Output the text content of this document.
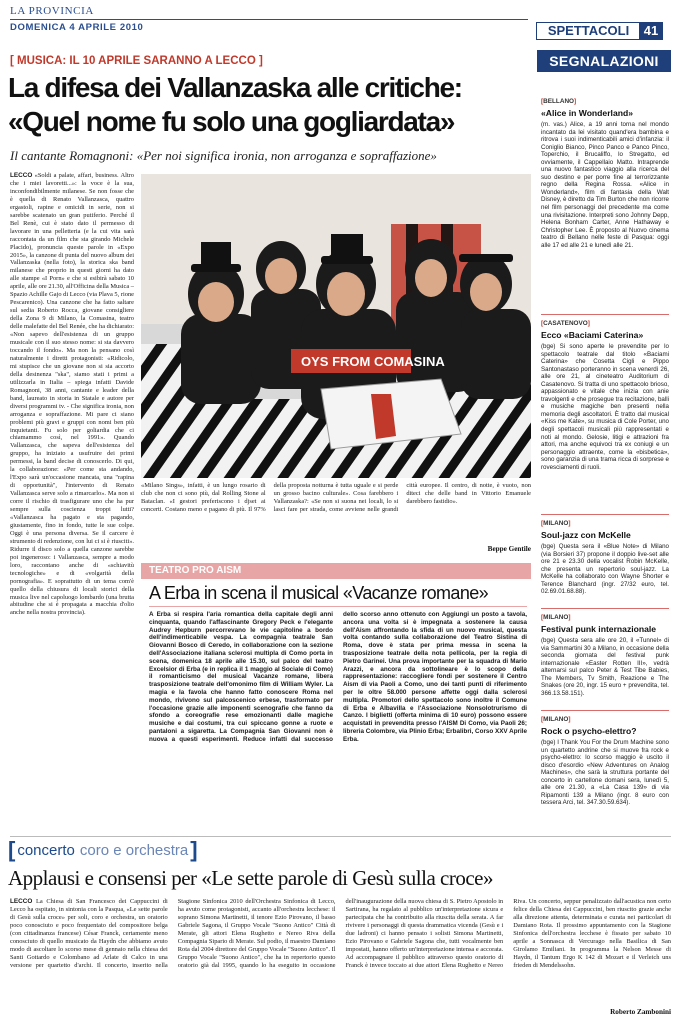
LA PROVINCIA
DOMENICA 4 APRILE 2010	SPETTACOLI	41
[ MUSICA: IL 10 APRILE SARANNO A LECCO ]
La difesa dei Vallanzaska alle critiche:
«Quel nome fu solo una gogliardata»
Il cantante Romagnoni: «Per noi significa ironia, non arroganza e sopraffazione»
LECCO «Soldi a palate, affari, business. Altro che i miei lavoretti...»: la voce è la sua, inconfondibilmente milanese. Se non fosse che è quella di Renato Vallanzasca, quattro ergastoli, rapine e omicidi in serie, non si sarebbe scatenato un gran putiferio. Perché il Bel Renè, cui è stato dato il permesso di lavorare in una pelletteria (e la cui vita sarà raccontata da un film che sta girando Michele Placido), pronuncia queste parole in «Expo 2015», la canzone di punta del nuovo album dei Vallanzaska (nella foto), la storica ska band milanese che proprio in questi giorni ha dato alle stampe «I Porn» e che si esibirà sabato 10 aprile, alle ore 21.30, all'Officina della Musica – Spazio Achille Gajo di Lecco (via Plava 5, rione Pescarenico). Una canzone che ha fatto saltare sul sedia Roberto Rocca, giovane consigliere della Zona 9 di Milano, la Comasina, teatro delle malefatte del Bel Renée, che ha dichiarato: «Non sapevo dell'esistenza di un gruppo musicale con il suo stesso nome: si sta davvero toccando il fondo». Ma non la pensano così naturalmente i diretti protagonisti: «Ridicolo, mi stupisce che un giovane non si sia accorto della desinenza "ska", siamo stati i primi a utilizzarla in Italia – spiega infatti Davide Romagnoni, 38 anni, cantante e leader della band, laureato in storia in Statale e autore per diversi programmi tv. - Che significa ironia, non arroganza e sopraffazione. Mi pare ci siano problemi più gravi e gruppi con nomi ben più inquietanti. Fu solo per goliardia che ci chiamammo così, nel 1991». Quando Vallanzasca, che sapeva dell'esistenza del gruppo, ha iniziato a usufruire dei primi permessi, la band decise di conoscerlo. Di qui, la collaborazione: «Per come sta andando, l'Expo sarà un'occasione mancata, una "rapina di opportunità", l'intervento di Renato Vallanzasca serve solo a rimarcarlo». Ma non si corre il rischio di trasfigurare uno che ha pur sempre sulla coscienza troppi lutti? «Vallanzasca ha pagato e sta pagando, giustamente, fino in fondo, tutte le sue colpe. Oggi è una persona diversa. Se il carcere è strumento di redenzione, con lui ci si è riusciti». Ridurre il disco solo a quella canzone sarebbe poi ingeneroso: i Vallanzasca, sempre a modo loro, raccontano anche di «schiavitù tecnologiche» e di «volgarità della pornografia». E soprattutto di un tema com'è quello della chiusura di locali storici della musica live nel capoluogo lombardo (una brutta abitudine che si è propagata a macchia d'olio anche nella nostra provincia).
OYS FROM COMASINA
«Milano Sings», infatti, è un lungo rosario di club che non ci sono più, dal Rolling Stone al Bataclan. «I gestori preferiscono i djset ai concerti. Costano meno e pagano di più. Il 97% della proposta notturna è tutta uguale e si perde un grosso bacino culturale». Cosa farebbero i Vallanzaska?: «Se non si suona nei locali, lo si lasci fare per strada, come avviene nelle grandi città europee. Il centro, di notte, è vuoto, non diteci che delle band in Vittorio Emanuele darebbero fastidio».
Beppe Gentile
TEATRO PRO AISM
A Erba in scena il musical «Vacanze romane»
A Erba si respira l'aria romantica della capitale degli anni cinquanta, quando l'affascinante Gregory Peck e l'elegante Audrey Hepburn percorrevano le vie capitoline a bordo dell'indimenticabile vespa. La compagnia teatrale San Giovanni Bosco di Ceredo, in collaborazione con la sezione dell'Associazione italiana sclerosi multipla di Como porta in scena, domenica 18 aprile alle 15.30, sul palco del teatro Excelsior di Erba (e in replica il 1 maggio al Sociale di Como) il romanticismo del musical Vacanze romane, libera trasposizione teatrale dell'omonimo film di William Wyler. La magia e la favola che hanno fatto conoscere Roma nel mondo, rivivono sul palcoscenico erbese, trasformato per l'occasione grazie alle imponenti scenografie che fanno da sfondo a coreografie rese emozionanti dalle magiche musiche e dai costumi, tra cui spiccano gonne a ruote e pantaloni a sigaretta. La Compagnia San Giovanni non è nuova a questi esperimenti. Reduce infatti dal successo dello scorso anno ottenuto con Aggiungi un posto a tavola, ancora una volta si è impegnata a sostenere la causa dell'Aism affrontando la sfida di un nuovo musical, questa volta contando sulla collaborazione del Teatro Sistina di Roma, dove è stata per prima messa in scena la trasposizione teatrale della nota pellicola, per la regia di Pietro Garinei. Una prova importante per la squadra di Mario Arazzi, e ancora da sottolineare è lo scopo della rappresentazione: raccogliere fondi per sostenere il Centro Aism di via Paoli a Como, uno dei tanti punti di riferimento per le oltre 58.000 persone affette oggi dalla sclerosi multipla. Promotori dello spettacolo sono inoltre il Comune di Erba e Albavilla e l'Associazione Nonsolotrurismo di Canzo. I biglietti (offerta minima di 10 euro) possono essere acquistati in prevendita presso l'AISM Di Como, via Paoli 26; libreria Colombre, via Plinio Erba; Erbalibri, Corso XXV Aprile Erba.
SEGNALAZIONI
[BELLANO]
«Alice in Wonderland»
(m. vas.) Alice, a 19 anni torna nel mondo incantato da lei visitato quand'era bambina e ritrova i suoi indimenticabili amici d'infanzia: il Coniglio Bianco, Pinco Panco e Panco Pinco, Toperchio, il Brucaliffo, lo Stregatto, ed ovviamente, il Cappellaio Matto. Intraprende una nuovo fantastico viaggio alla ricerca del suo destino e per porre fine al terrorizzante regno della Regina Rossa. «Alice in Wonderland», film di fantasia della Walt Disney, è diretto da Tim Burton che non ricorre nel film personaggi del precedente ma come una rivisitazione. Interpreti sono Johnny Depp, Helena Bonham Carter, Anne Hathaway e Christopher Lee. È proposto al Nuovo cinema teatro di Bellano nelle feste di Pasqua: oggi alle 17 ed alle 21 e lunedì alle 21.
[CASATENOVO]
Ecco «Baciami Caterina»
(bge) Si sono aperte le prevendite per lo spettacolo teatrale dal titolo «Baciami Caterina» che Cosetta Cigli e Pippo Santonastaso porteranno in scena venerdì 26, alle ore 21, al cineteatro Auditorium di Casatenovo. Si tratta di uno spettacolo brioso, appassionato e vitale che inizia con anie travolgenti e che prosegue tra recitazione, balli e musiche magiche ben presenti nella memoria degli ascoltatori. È tratto dal musical «Kiss me Kate», su musica di Cole Porter, uno degli spettacoli musicali più rappresentati e noti al mondo. Gelosie, litigi e attrazioni fra attori, ma anche equivoci tra ex coniugi e un personaggio attraente, come la «bisbetica», sono garanzia di una trama ricca di sorprese e rovesciamenti di ruoli.
[MILANO]
Soul-jazz con McKelle
(bge) Questa sera il «Blue Note» di Milano (via Borsieri 37) propone il doppio live-set alle ore 21 e 23.30 della vocalist Robin McKelle, che presenta un repertorio soul-jazz. La McKelle ha collaborato con Wayne Shorter e Terence Blanchard (ingr. 27/32 euro, tel. 02.69.01.68.88).
[MILANO]
Festival punk internazionale
(bge) Questa sera alle ore 20, il «Tunnel» di via Sammartini 30 a Milano, in occasione della seconda giornata del festival punk internazionale «Easter Rotten III», vedrà alternarsi sul palco Peter & Test Tibe Babies, The Members, Tv Smith, Reazione e The Snakes (ore 20, ingr. 15 euro + prevendita, tel. 366.13.58.151).
[MILANO]
Rock o psycho-elettro?
(bge) I Thank You For the Drum Machine sono un quartetto andrine che si muove fra rock e psycho-elettro: lo scorso maggio è uscito il disco d'esordio «New Adventures on Analog Machines», che sarà la struttura portante del concerto in cartellone domani sera, lunedì 5, alle ore 21.30, a «La Casa 139» di via Ripamonti 139 a Milano (ingr. 8 euro con tessera Arci, tel. 347.30.59.634).
[ concerto coro e orchestra]
Applausi e consensi per «Le sette parole di Gesù sulla croce»
LECCO La Chiesa di San Francesco dei Cappuccini di Lecco ha ospitato, in sintonia con la Pasqua, «Le sette parole di Gesù sulla croce» per soli, coro e orchestra, un oratorio poco conosciuto e poco frequentato del compositore belga (con cittadinanza francese) César Franck, certamente meno conosciuto di quello musicato da Haydn che abbiamo avuto modo di ascoltare lo scorso mese di gennaio nella chiesa dei Santi Gottardo e Colombano ad Arlate di Calco in una versione per quartetto d'archi. Il concerto, inserito nella Stagione Sinfonica 2010 dell'Orchestra Sinfonica di Lecco, ha avuto come protagonisti, accanto all'orchestra lecchese: il soprano Simona Martinetti, il tenore Ezio Pirovano, il basso Gabriele Sagona, il Gruppo Vocale "Suono Antico" Città di Merate, gli attori Elena Rughetto e Nereo Riva della Compagnia Sipario di Merate. Sul podio, il maestro Damiano Rota dal 2004 direttore del Gruppo Vocale "Suono Antico". Il Gruppo Vocale "Suono Antico", che ha in repertorio questo oratorio già dal 1995, quando lo ha eseguito in occasione dell'inaugurazione della nuova chiesa di S. Pietro Apostolo in Sartirana, ha regalato al pubblico un'interpretazione sicura e partecipata che ha contribuito alla riuscita della serata. A far rivivere i personaggi di questa drammatica vicenda (Gesù e i due ladroni) ci hanno pensato i solisti Simona Martinetti, Ezio Pirovano e Gabriele Sagona che, tutti vocalmente ben impostati, hanno offerto un'interpretazione intensa e accorata. Ad accompagnare il pubblico attraverso questo oratorio di Franck è invece toccato ai due attori Elena Rughetto e Nereo Riva. Un concerto, seppur penalizzato dall'acustica non certo felice della Chiesa dei Cappuccini, ben riuscito grazie anche alla direzione attenta, determinata e curata nei particolari di Damiano Rota. Il prossimo appuntamento con la Stagione Sinfonica dell'orchestra lecchese è fissato per sabato 10 aprile a Sonnasca di Vercurago nella Basilica di San Girolamo Emiliani. In programma la Nelson Messe di Haydn, il Tantum Ergo K 142 di Mozart e il Verleich uns frieden di Mendelssohn.
Roberto Zambonini
